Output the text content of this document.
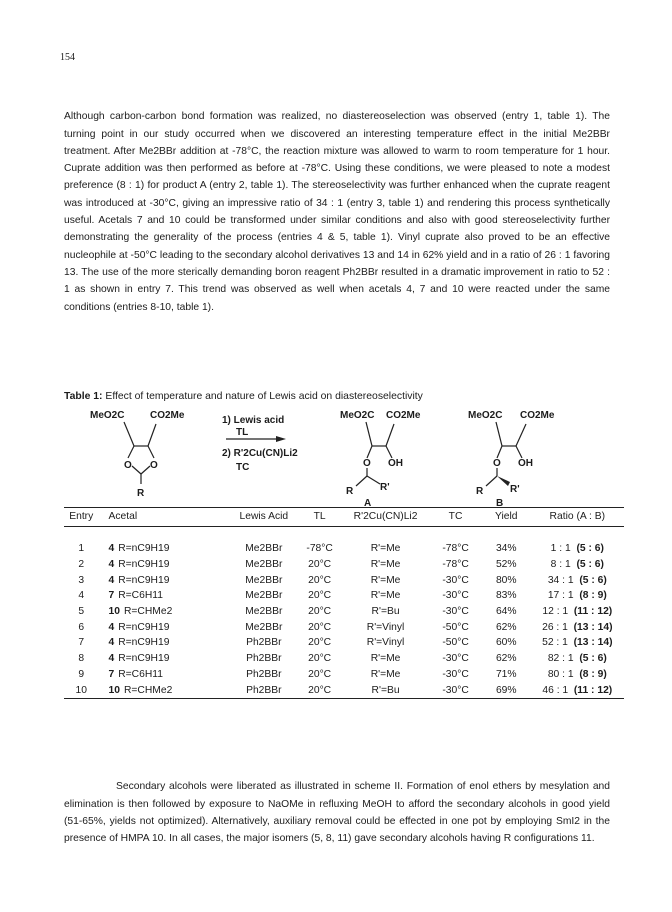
154

Although carbon-carbon bond formation was realized, no diastereoselection was observed (entry 1, table 1). The turning point in our study occurred when we discovered an interesting temperature effect in the initial Me2BBr treatment. After Me2BBr addition at -78°C, the reaction mixture was allowed to warm to room temperature for 1 hour. Cuprate addition was then performed as before at -78°C. Using these conditions, we were pleased to note a modest preference (8 : 1) for product A (entry 2, table 1). The stereoselectivity was further enhanced when the cuprate reagent was introduced at -30°C, giving an impressive ratio of 34 : 1 (entry 3, table 1) and rendering this process synthetically useful. Acetals 7 and 10 could be transformed under similar conditions and also with good stereoselectivity further demonstrating the generality of the process (entries 4 & 5, table 1). Vinyl cuprate also proved to be an effective nucleophile at -50°C leading to the secondary alcohol derivatives 13 and 14 in 62% yield and in a ratio of 26 : 1 favoring 13. The use of the more sterically demanding boron reagent Ph2BBr resulted in a dramatic improvement in ratio to 52 : 1 as shown in entry 7. This trend was observed as well when acetals 4, 7 and 10 were reacted under the same conditions (entries 8-10, table 1).

Table 1: Effect of temperature and nature of Lewis acid on diastereoselectivity
MeO2C	CO2Me
O O
R
1) Lewis acid
TL
2) R'2Cu(CN)Li2
TC
MeO2C CO2Me
O OH
R	R'
A
MeO2C CO2Me
O OH
R	R'
B
Entry	Acetal	Lewis Acid	TL	R'2Cu(CN)Li2	TC	Yield	Ratio (A : B)
1	4 R=nC9H19	Me2BBr	-78°C	R'=Me	-78°C	34%	1 : 1 (5 : 6)
2	4 R=nC9H19	Me2BBr	20°C	R'=Me	-78°C	52%	8 : 1 (5 : 6)
3	4 R=nC9H19	Me2BBr	20°C	R'=Me	-30°C	80%	34 : 1 (5 : 6)
4	7 R=C6H11	Me2BBr	20°C	R'=Me	-30°C	83%	17 : 1 (8 : 9)
5	10 R=CHMe2	Me2BBr	20°C	R'=Bu	-30°C	64%	12 : 1 (11 : 12)
6	4 R=nC9H19	Me2BBr	20°C	R'=Vinyl	-50°C	62%	26 : 1 (13 : 14)
7	4 R=nC9H19	Ph2BBr	20°C	R'=Vinyl	-50°C	60%	52 : 1 (13 : 14)
8	4 R=nC9H19	Ph2BBr	20°C	R'=Me	-30°C	62%	82 : 1 (5 : 6)
9	7 R=C6H11	Ph2BBr	20°C	R'=Me	-30°C	71%	80 : 1 (8 : 9)
10	10 R=CHMe2	Ph2BBr	20°C	R'=Bu	-30°C	69%	46 : 1 (11 : 12)

Secondary alcohols were liberated as illustrated in scheme II. Formation of enol ethers by mesylation and elimination is then followed by exposure to NaOMe in refluxing MeOH to afford the secondary alcohols in good yield (51-65%, yields not optimized). Alternatively, auxiliary removal could be effected in one pot by employing SmI2 in the presence of HMPA 10. In all cases, the major isomers (5, 8, 11) gave secondary alcohols having R configurations 11.
